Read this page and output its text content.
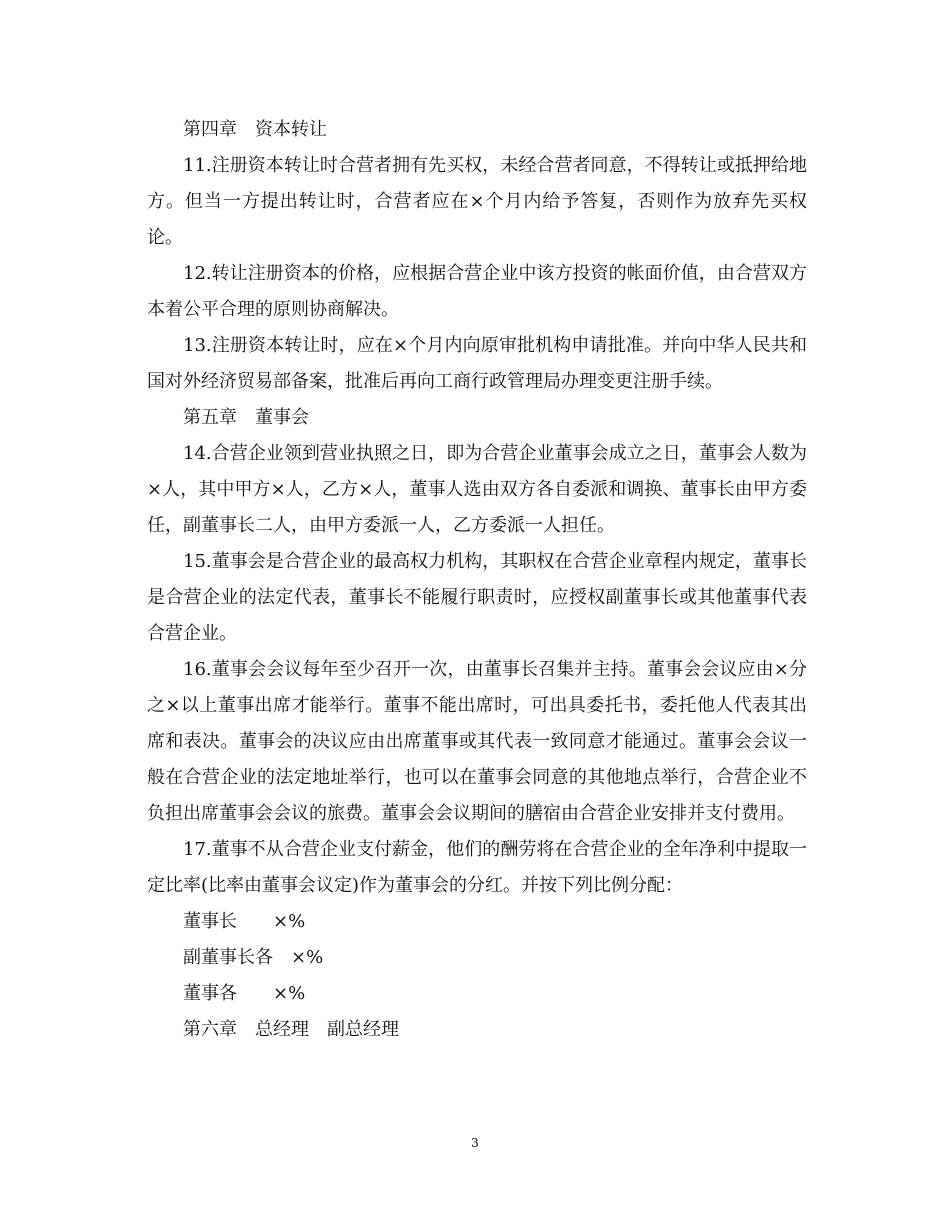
第四章　资本转让

11.注册资本转让时合营者拥有先买权，未经合营者同意，不得转让或抵押给地方。但当一方提出转让时，合营者应在×个月内给予答复，否则作为放弃先买权论。

12.转让注册资本的价格，应根据合营企业中该方投资的帐面价值，由合营双方本着公平合理的原则协商解决。

13.注册资本转让时，应在×个月内向原审批机构申请批准。并向中华人民共和国对外经济贸易部备案，批准后再向工商行政管理局办理变更注册手续。

第五章　董事会

14.合营企业领到营业执照之日，即为合营企业董事会成立之日，董事会人数为×人，其中甲方×人，乙方×人，董事人选由双方各自委派和调换、董事长由甲方委任，副董事长二人，由甲方委派一人，乙方委派一人担任。

15.董事会是合营企业的最高权力机构，其职权在合营企业章程内规定，董事长是合营企业的法定代表，董事长不能履行职责时，应授权副董事长或其他董事代表合营企业。

16.董事会会议每年至少召开一次，由董事长召集并主持。董事会会议应由×分之×以上董事出席才能举行。董事不能出席时，可出具委托书，委托他人代表其出席和表决。董事会的决议应由出席董事或其代表一致同意才能通过。董事会会议一般在合营企业的法定地址举行，也可以在董事会同意的其他地点举行，合营企业不负担出席董事会会议的旅费。董事会会议期间的膳宿由合营企业安排并支付费用。

17.董事不从合营企业支付薪金，他们的酬劳将在合营企业的全年净利中提取一定比率(比率由董事会议定)作为董事会的分红。并按下列比例分配：

董事长　　×%

副董事长各　×%

董事各　　×%

第六章　总经理　副总经理

3
